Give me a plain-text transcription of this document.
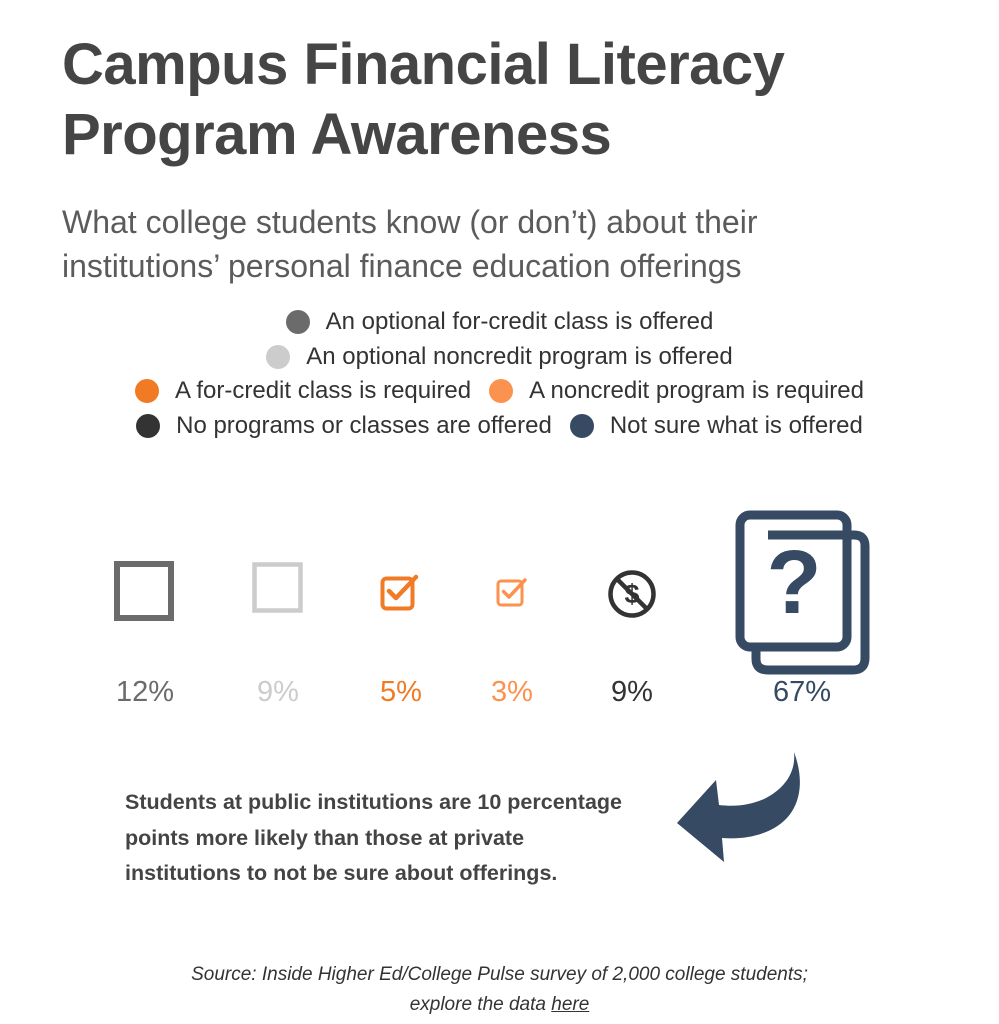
Campus Financial Literacy
Program Awareness

What college students know (or don’t) about their
institutions’ personal finance education offerings

An optional for-credit class is offered
An optional noncredit program is offered
A for-credit class is required A noncredit program is required
No programs or classes are offered Not sure what is offered
$ ?
12%	9%	5%	3%	9%	67%
Students at public institutions are 10 percentage
points more likely than those at private
institutions to not be sure about offerings.
Source: Inside Higher Ed/College Pulse survey of 2,000 college students;
explore the data here
